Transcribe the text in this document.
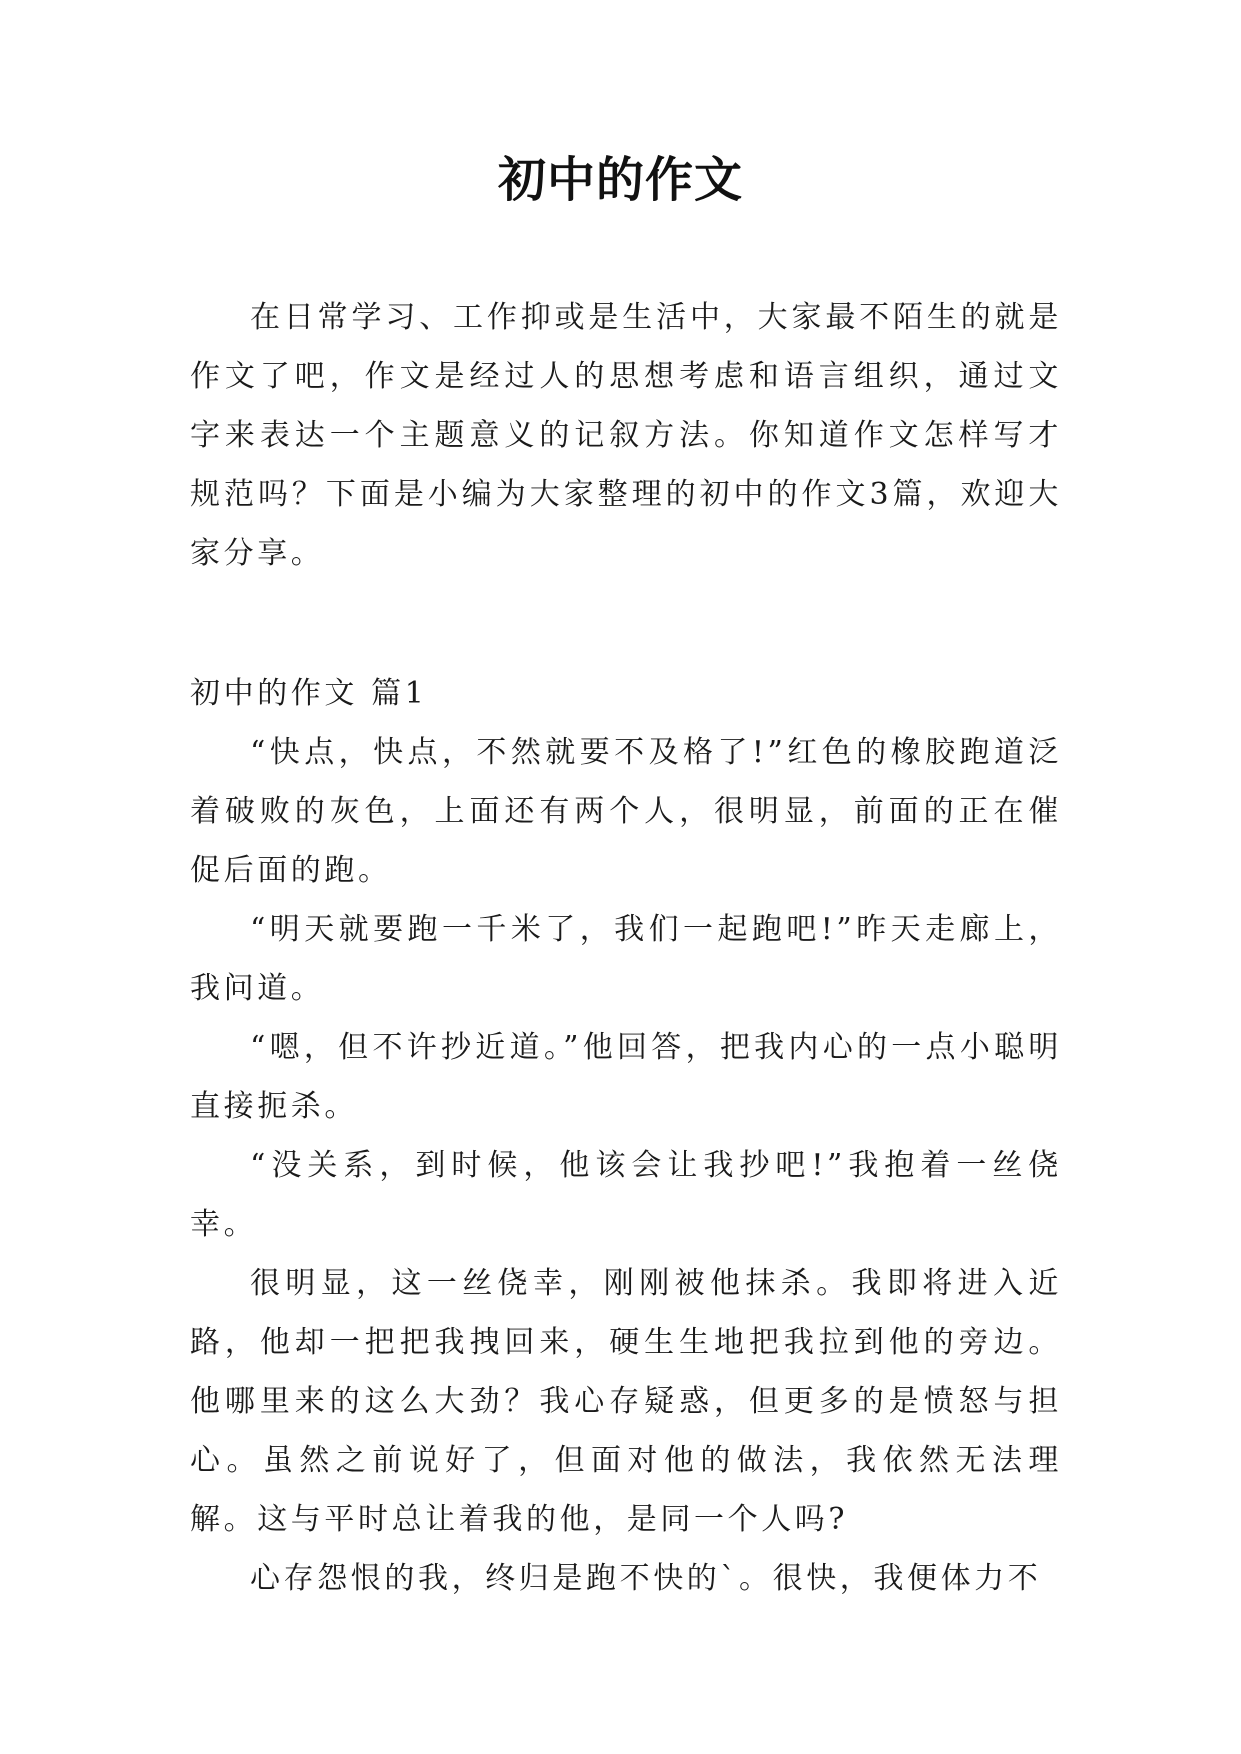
初中的作文

在日常学习、工作抑或是生活中，大家最不陌生的就是作文了吧，作文是经过人的思想考虑和语言组织，通过文字来表达一个主题意义的记叙方法。你知道作文怎样写才规范吗？下面是小编为大家整理的初中的作文3篇，欢迎大家分享。

初中的作文 篇1

“快点，快点，不然就要不及格了!”红色的橡胶跑道泛着破败的灰色，上面还有两个人，很明显，前面的正在催促后面的跑。

“明天就要跑一千米了，我们一起跑吧!”昨天走廊上，我问道。

“嗯，但不许抄近道。”他回答，把我内心的一点小聪明直接扼杀。

“没关系，到时候，他该会让我抄吧!”我抱着一丝侥幸。

很明显，这一丝侥幸，刚刚被他抹杀。我即将进入近路，他却一把把我拽回来，硬生生地把我拉到他的旁边。他哪里来的这么大劲？我心存疑惑，但更多的是愤怒与担心。虽然之前说好了，但面对他的做法，我依然无法理解。这与平时总让着我的他，是同一个人吗?

心存怨恨的我，终归是跑不快的`。很快，我便体力不
